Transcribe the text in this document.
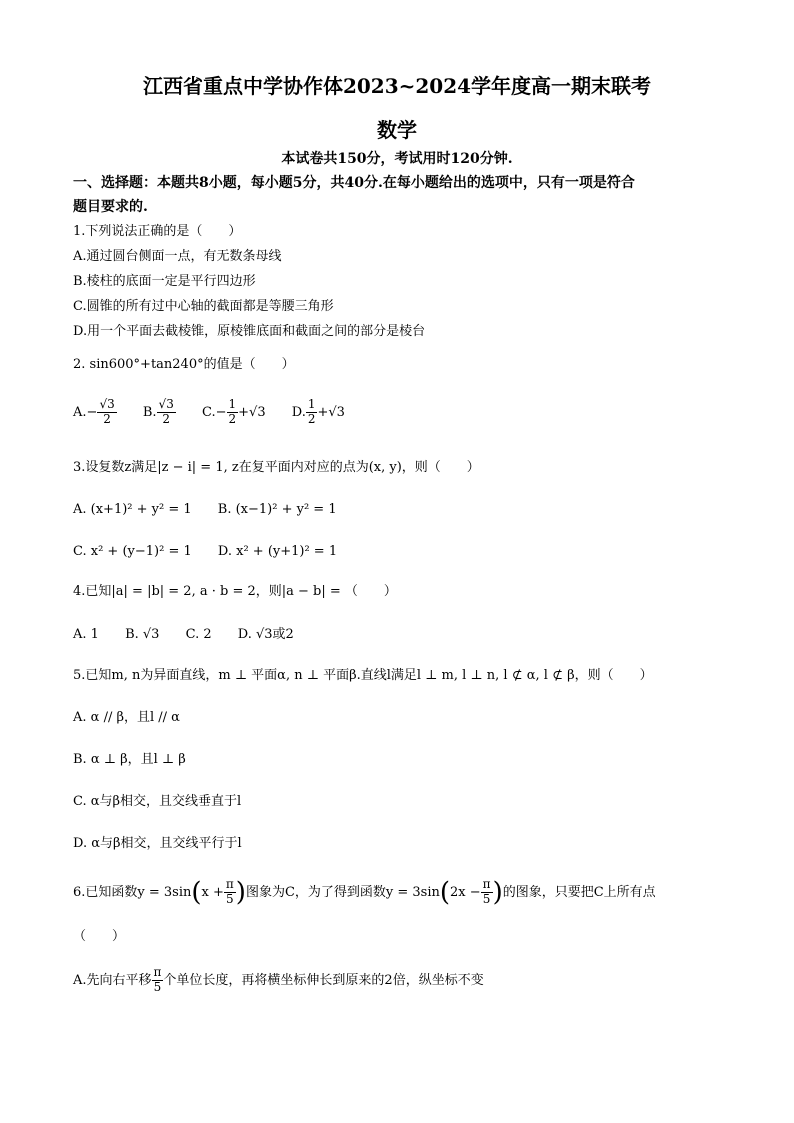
江西省重点中学协作体2023~2024学年度高一期末联考
数学
本试卷共150分，考试用时120分钟.
一、选择题：本题共8小题，每小题5分，共40分.在每小题给出的选项中，只有一项是符合
题目要求的.
1.下列说法正确的是（　　）
A.通过圆台侧面一点，有无数条母线
B.棱柱的底面一定是平行四边形
C.圆锥的所有过中心轴的截面都是等腰三角形
D.用一个平面去截棱锥，原棱锥底面和截面之间的部分是棱台
2. sin600°+tan240°的值是（　　）
$A.- \frac{√3}{2} B$. $\frac{√3}{2} C.- \frac{1}{2} +√3$ D. $\frac{1}{2} +√3$
3.设复数z满足|z − i| = 1, z在复平面内对应的点为(x, y)，则（　　）
A. (x+1)² + y² = 1 B. (x−1)² + y² = 1
C. x² + (y−1)² = 1 D. x² + (y+1)² = 1
4.已知|a| = |b| = 2, a · b = 2，则|a − b| = （　　）
A. 1 B. √3 C. 2 D. √3或2
5.已知m, n为异面直线，m ⊥ 平面α, n ⊥ 平面β.直线l满足l ⊥ m, l ⊥ n, l ⊄ α, l ⊄ β，则（　　）
A. α // β，且l // α
B. α ⊥ β，且l ⊥ β
C. α与β相交，且交线垂直于l
D. α与β相交，且交线平行于l
6.已知函数$y = 3\sin(x + \frac{\pi}{5}$ )图象为C，为了得到函数$y = 3\sin(2x - \frac{\pi}{5}$ )的图象，只要把C上所有点
（　　）
A.先向右平移 $\frac{\pi}{5}$ 个单位长度，再将横坐标伸长到原来的2倍，纵坐标不变
